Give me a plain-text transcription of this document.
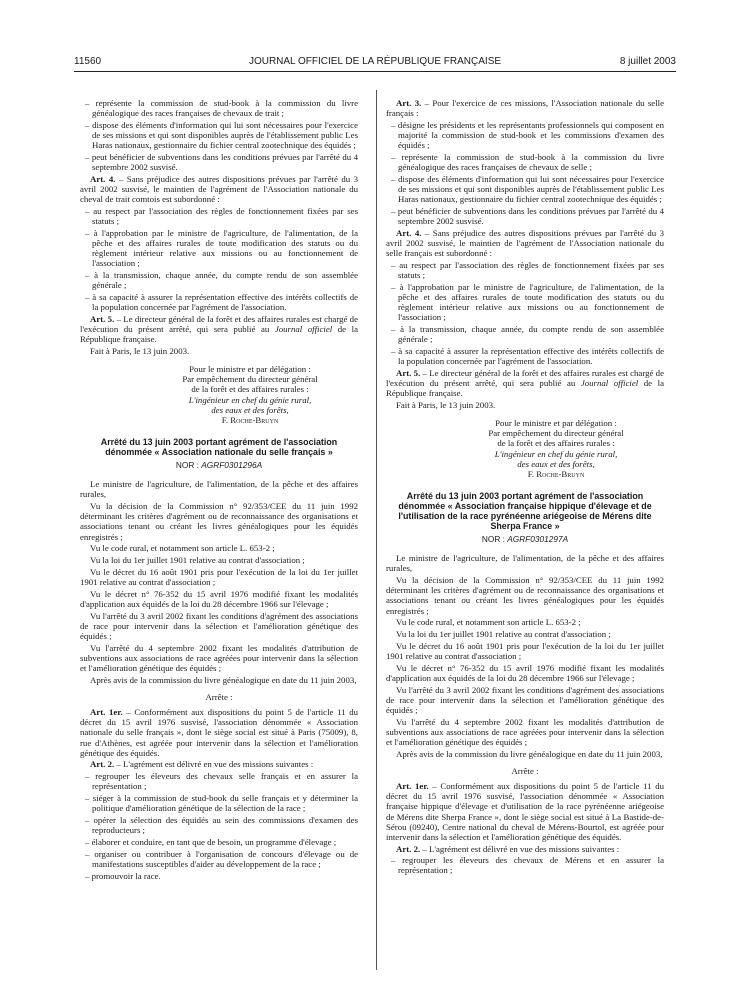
11560	JOURNAL OFFICIEL DE LA RÉPUBLIQUE FRANÇAISE	8 juillet 2003

– représente la commission de stud-book à la commission du livre généalogique des races françaises de chevaux de trait ;

– dispose des éléments d'information qui lui sont nécessaires pour l'exercice de ses missions et qui sont disponibles auprès de l'établissement public Les Haras nationaux, gestionnaire du fichier central zootechnique des équidés ;

– peut bénéficier de subventions dans les conditions prévues par l'arrêté du 4 septembre 2002 susvisé.

Art. 4. – Sans préjudice des autres dispositions prévues par l'arrêté du 3 avril 2002 susvisé, le maintien de l'agrément de l'Association nationale du cheval de trait comtois est subordonné :

– au respect par l'association des règles de fonctionnement fixées par ses statuts ;

– à l'approbation par le ministre de l'agriculture, de l'alimentation, de la pêche et des affaires rurales de toute modification des statuts ou du règlement intérieur relative aux missions ou au fonctionnement de l'association ;

– à la transmission, chaque année, du compte rendu de son assemblée générale ;

– à sa capacité à assurer la représentation effective des intérêts collectifs de la population concernée par l'agrément de l'association.

Art. 5. – Le directeur général de la forêt et des affaires rurales est chargé de l'exécution du présent arrêté, qui sera publié au Journal officiel de la République française.

Fait à Paris, le 13 juin 2003.

Pour le ministre et par délégation :

Par empêchement du directeur général

de la forêt et des affaires rurales :

L'ingénieur en chef du génie rural,

des eaux et des forêts,

F. Roche-Bruyn

Arrêté du 13 juin 2003 portant agrément de l'association dénommée « Association nationale du selle français »

NOR : AGRF0301296A

Le ministre de l'agriculture, de l'alimentation, de la pêche et des affaires rurales,

Vu la décision de la Commission n° 92/353/CEE du 11 juin 1992 déterminant les critères d'agrément ou de reconnaissance des organisations et associations tenant ou créant les livres généalogiques pour les équidés enregistrés ;

Vu le code rural, et notamment son article L. 653-2 ;

Vu la loi du 1er juillet 1901 relative au contrat d'association ;

Vu le décret du 16 août 1901 pris pour l'exécution de la loi du 1er juillet 1901 relative au contrat d'association ;

Vu le décret n° 76-352 du 15 avril 1976 modifié fixant les modalités d'application aux équidés de la loi du 28 décembre 1966 sur l'élevage ;

Vu l'arrêté du 3 avril 2002 fixant les conditions d'agrément des associations de race pour intervenir dans la sélection et l'amélioration génétique des équidés ;

Vu l'arrêté du 4 septembre 2002 fixant les modalités d'attribution de subventions aux associations de race agréées pour intervenir dans la sélection et l'amélioration génétique des équidés ;

Après avis de la commission du livre généalogique en date du 11 juin 2003,

Arrête :

Art. 1er. – Conformément aux dispositions du point 5 de l'article 11 du décret du 15 avril 1976 susvisé, l'association dénommée « Association nationale du selle français », dont le siège social est situé à Paris (75009), 8, rue d'Athènes, est agréée pour intervenir dans la sélection et l'amélioration génétique des équidés.

Art. 2. – L'agrément est délivré en vue des missions suivantes :

– regrouper les éleveurs des chevaux selle français et en assurer la représentation ;

– siéger à la commission de stud-book du selle français et y déterminer la politique d'amélioration génétique de la sélection de la race ;

– opérer la sélection des équidés au sein des commissions d'examen des reproducteurs ;

– élaborer et conduire, en tant que de besoin, un programme d'élevage ;

– organiser ou contribuer à l'organisation de concours d'élevage ou de manifestations susceptibles d'aider au développement de la race ;

– promouvoir la race.

Art. 3. – Pour l'exercice de ces missions, l'Association nationale du selle français :

– désigne les présidents et les représentants professionnels qui composent en majorité la commission de stud-book et les commissions d'examen des équidés ;

– représente la commission de stud-book à la commission du livre généalogique des races françaises de chevaux de selle ;

– dispose des éléments d'information qui lui sont nécessaires pour l'exercice de ses missions et qui sont disponibles auprès de l'établissement public Les Haras nationaux, gestionnaire du fichier central zootechnique des équidés ;

– peut bénéficier de subventions dans les conditions prévues par l'arrêté du 4 septembre 2002 susvisé.

Art. 4. – Sans préjudice des autres dispositions prévues par l'arrêté du 3 avril 2002 susvisé, le maintien de l'agrément de l'Association nationale du selle français est subordonné :

– au respect par l'association des règles de fonctionnement fixées par ses statuts ;

– à l'approbation par le ministre de l'agriculture, de l'alimentation, de la pêche et des affaires rurales de toute modification des statuts ou du règlement intérieur relative aux missions ou au fonctionnement de l'association ;

– à la transmission, chaque année, du compte rendu de son assemblée générale ;

– à sa capacité à assurer la représentation effective des intérêts collectifs de la population concernée par l'agrément de l'association.

Art. 5. – Le directeur général de la forêt et des affaires rurales est chargé de l'exécution du présent arrêté, qui sera publié au Journal officiel de la République française.

Fait à Paris, le 13 juin 2003.

Pour le ministre et par délégation :

Par empêchement du directeur général

de la forêt et des affaires rurales :

L'ingénieur en chef du génie rural,

des eaux et des forêts,

F. Roche-Bruyn

Arrêté du 13 juin 2003 portant agrément de l'association dénommée « Association française hippique d'élevage et de l'utilisation de la race pyrénéenne ariégeoise de Mérens dite Sherpa France »

NOR : AGRF0301297A

Le ministre de l'agriculture, de l'alimentation, de la pêche et des affaires rurales,

Vu la décision de la Commission n° 92/353/CEE du 11 juin 1992 déterminant les critères d'agrément ou de reconnaissance des organisations et associations tenant ou créant les livres généalogiques pour les équidés enregistrés ;

Vu le code rural, et notamment son article L. 653-2 ;

Vu la loi du 1er juillet 1901 relative au contrat d'association ;

Vu le décret du 16 août 1901 pris pour l'exécution de la loi du 1er juillet 1901 relative au contrat d'association ;

Vu le décret n° 76-352 du 15 avril 1976 modifié fixant les modalités d'application aux équidés de la loi du 28 décembre 1966 sur l'élevage ;

Vu l'arrêté du 3 avril 2002 fixant les conditions d'agrément des associations de race pour intervenir dans la sélection et l'amélioration génétique des équidés ;

Vu l'arrêté du 4 septembre 2002 fixant les modalités d'attribution de subventions aux associations de race agréées pour intervenir dans la sélection et l'amélioration génétique des équidés ;

Après avis de la commission du livre généalogique en date du 11 juin 2003,

Arrête :

Art. 1er. – Conformément aux dispositions du point 5 de l'article 11 du décret du 15 avril 1976 susvisé, l'association dénommée « Association française hippique d'élevage et d'utilisation de la race pyrénéenne ariégeoise de Mérens dite Sherpa France », dont le siège social est situé à La Bastide-de-Sérou (09240), Centre national du cheval de Mérens-Bourtol, est agréée pour intervenir dans la sélection et l'amélioration génétique des équidés.

Art. 2. – L'agrément est délivré en vue des missions suivantes :

– regrouper les éleveurs des chevaux de Mérens et en assurer la représentation ;
